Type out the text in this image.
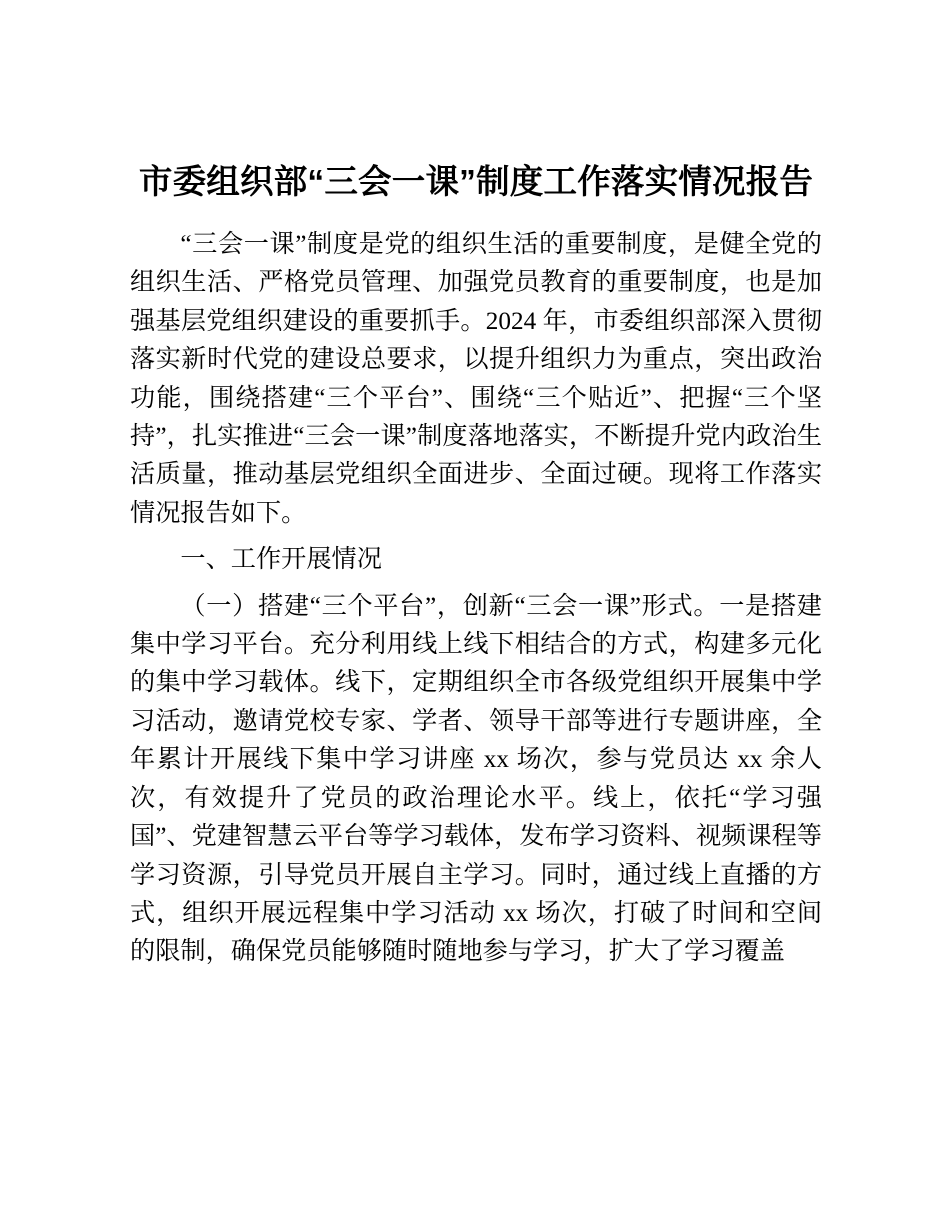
市委组织部“三会一课”制度工作落实情况报告

“三会一课”制度是党的组织生活的重要制度，是健全党的组织生活、严格党员管理、加强党员教育的重要制度，也是加强基层党组织建设的重要抓手。2024 年，市委组织部深入贯彻落实新时代党的建设总要求，以提升组织力为重点，突出政治功能，围绕搭建“三个平台”、围绕“三个贴近”、把握“三个坚持”，扎实推进“三会一课”制度落地落实，不断提升党内政治生活质量，推动基层党组织全面进步、全面过硬。现将工作落实情况报告如下。

一、工作开展情况

（一）搭建“三个平台”，创新“三会一课”形式。一是搭建集中学习平台。充分利用线上线下相结合的方式，构建多元化的集中学习载体。线下，定期组织全市各级党组织开展集中学习活动，邀请党校专家、学者、领导干部等进行专题讲座，全年累计开展线下集中学习讲座 xx 场次，参与党员达 xx 余人次，有效提升了党员的政治理论水平。线上，依托“学习强国”、党建智慧云平台等学习载体，发布学习资料、视频课程等学习资源，引导党员开展自主学习。同时，通过线上直播的方式，组织开展远程集中学习活动 xx 场次，打破了时间和空间的限制，确保党员能够随时随地参与学习，扩大了学习覆盖
